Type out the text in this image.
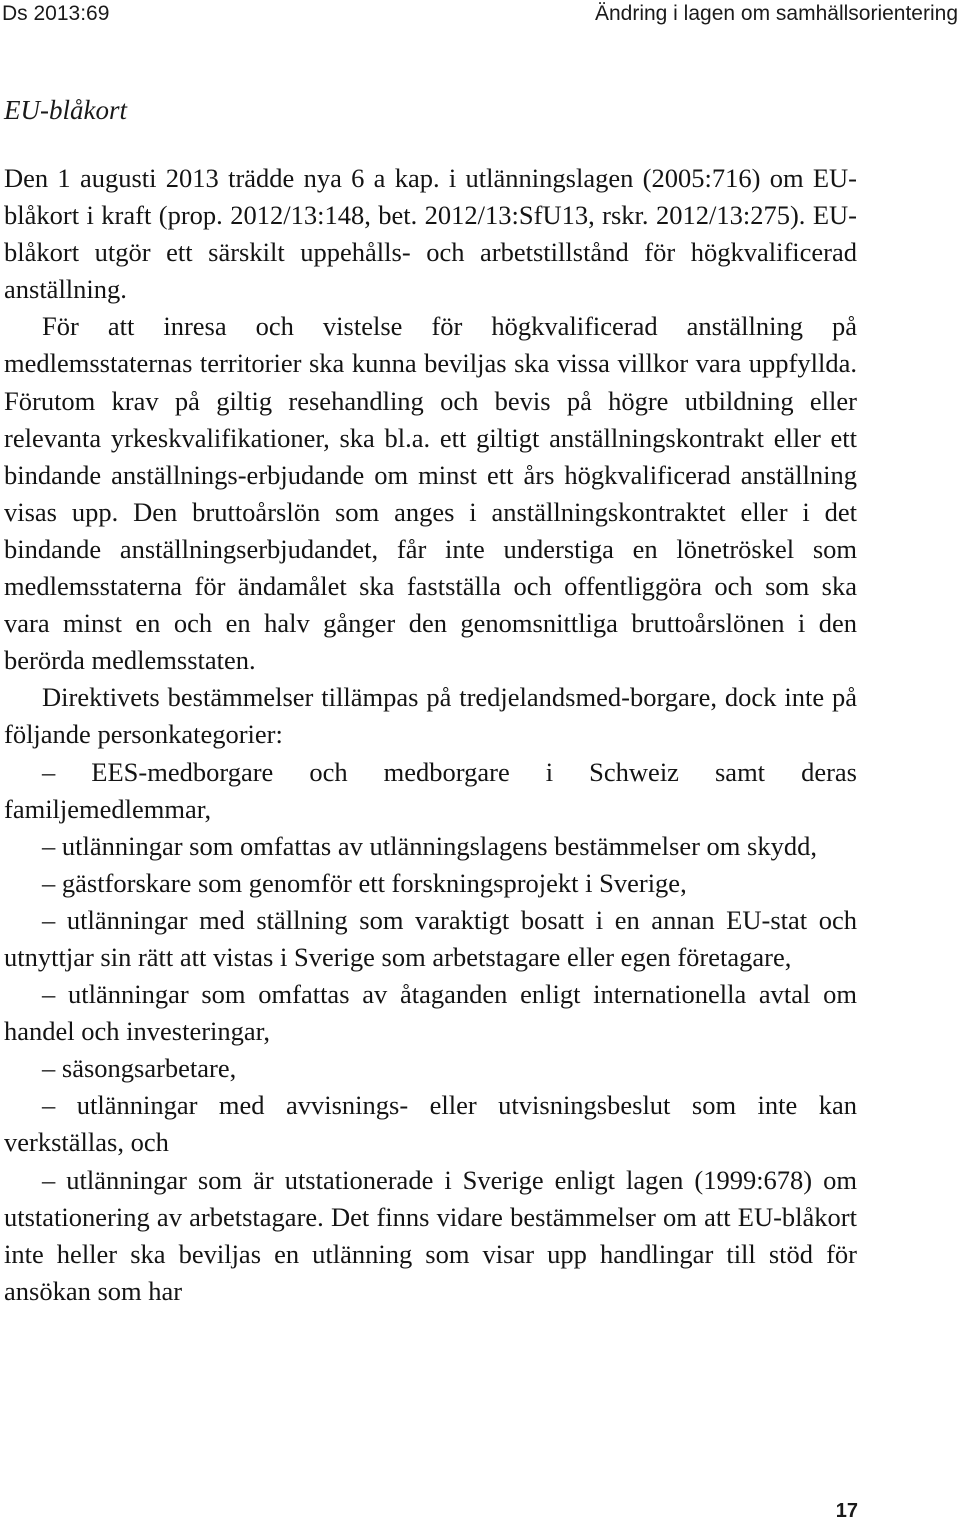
Ds 2013:69	Ändring i lagen om samhällsorientering
EU-blåkort

Den 1 augusti 2013 trädde nya 6 a kap. i utlänningslagen (2005:716) om EU-blåkort i kraft (prop. 2012/13:148, bet. 2012/13:SfU13, rskr. 2012/13:275). EU-blåkort utgör ett särskilt uppehålls- och arbetstillstånd för högkvalificerad anställning.

För att inresa och vistelse för högkvalificerad anställning på medlemsstaternas territorier ska kunna beviljas ska vissa villkor vara uppfyllda. Förutom krav på giltig resehandling och bevis på högre utbildning eller relevanta yrkeskvalifikationer, ska bl.a. ett giltigt anställningskontrakt eller ett bindande anställnings-erbjudande om minst ett års högkvalificerad anställning visas upp. Den bruttoårslön som anges i anställningskontraktet eller i det bindande anställningserbjudandet, får inte understiga en lönetröskel som medlemsstaterna för ändamålet ska fastställa och offentliggöra och som ska vara minst en och en halv gånger den genomsnittliga bruttoårslönen i den berörda medlemsstaten.

Direktivets bestämmelser tillämpas på tredjelandsmed-borgare, dock inte på följande personkategorier:

– EES-medborgare och medborgare i Schweiz samt deras familjemedlemmar,

– utlänningar som omfattas av utlänningslagens bestämmelser om skydd,

– gästforskare som genomför ett forskningsprojekt i Sverige,

– utlänningar med ställning som varaktigt bosatt i en annan EU-stat och utnyttjar sin rätt att vistas i Sverige som arbetstagare eller egen företagare,

– utlänningar som omfattas av åtaganden enligt internationella avtal om handel och investeringar,

– säsongsarbetare,

– utlänningar med avvisnings- eller utvisningsbeslut som inte kan verkställas, och

– utlänningar som är utstationerade i Sverige enligt lagen (1999:678) om utstationering av arbetstagare. Det finns vidare bestämmelser om att EU-blåkort inte heller ska beviljas en utlänning som visar upp handlingar till stöd för ansökan som har

17
